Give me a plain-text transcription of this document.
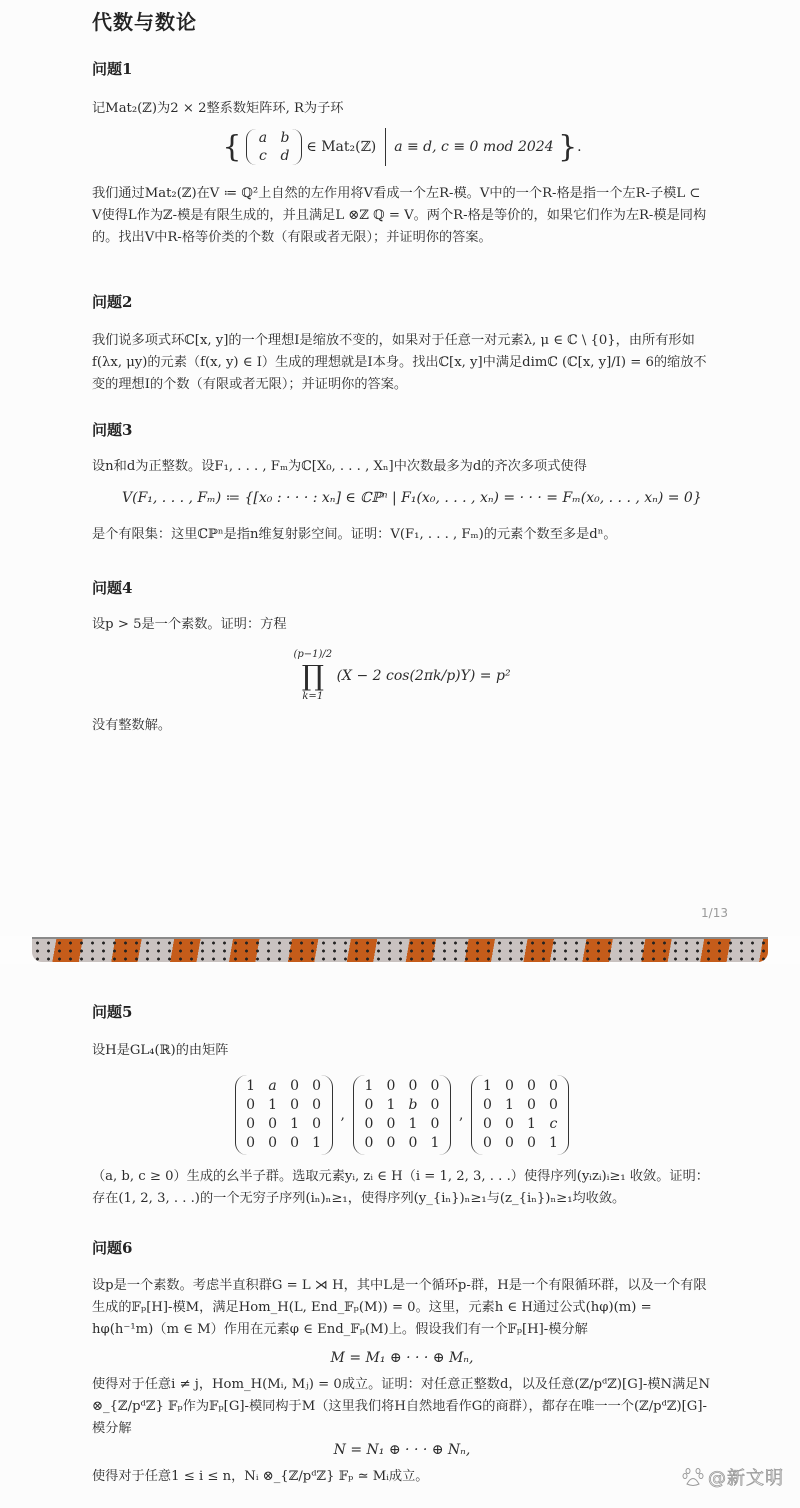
代数与数论
问题1
记Mat₂(ℤ)为2 × 2整系数矩阵环, R为子环
{	a b
c d
∈ Mat₂(ℤ) a ≡ d, c ≡ 0 mod 2024 }.
我们通过Mat₂(ℤ)在V ≔ ℚ²上自然的左作用将V看成一个左R-模。V中的一个R-格是指一个左R-子模L ⊂ V使得L作为ℤ-模是有限生成的，并且满足L ⊗ℤ ℚ = V。两个R-格是等价的，如果它们作为左R-模是同构的。找出V中R-格等价类的个数（有限或者无限）；并证明你的答案。
问题2
我们说多项式环ℂ[x, y]的一个理想I是缩放不变的，如果对于任意一对元素λ, μ ∈ ℂ \ {0}，由所有形如f(λx, μy)的元素（f(x, y) ∈ I）生成的理想就是I本身。找出ℂ[x, y]中满足dimℂ (ℂ[x, y]/I) = 6的缩放不变的理想I的个数（有限或者无限）；并证明你的答案。
问题3
设n和d为正整数。设F₁, . . . , Fₘ为ℂ[X₀, . . . , Xₙ]中次数最多为d的齐次多项式使得
V(F₁, . . . , Fₘ) ≔ {[x₀ : · · · : xₙ] ∈ ℂℙⁿ | F₁(x₀, . . . , xₙ) = · · · = Fₘ(x₀, . . . , xₙ) = 0}
是个有限集：这里ℂℙⁿ是指n维复射影空间。证明：V(F₁, . . . , Fₘ)的元素个数至多是dⁿ。
问题4
设p > 5是一个素数。证明：方程
(p−1)/2
∏
k=1
(X − 2 cos(2πk/p)Y) = p²
没有整数解。
1/13
问题5
设H是GL₄(ℝ)的由矩阵
1 a 0 0
0 1 0 0
0 0 1 0
0 0 0 1
,
1 0 0 0
0 1 b 0
0 0 1 0
0 0 0 1
,
1 0 0 0
0 1 0 0
0 0 1 c
0 0 0 1
（a, b, c ≥ 0）生成的幺半子群。选取元素yᵢ, zᵢ ∈ H（i = 1, 2, 3, . . .）使得序列(yᵢzᵢ)ᵢ≥₁ 收敛。证明：存在(1, 2, 3, . . .)的一个无穷子序列(iₙ)ₙ≥₁，使得序列(y_{iₙ})ₙ≥₁与(z_{iₙ})ₙ≥₁均收敛。
问题6
设p是一个素数。考虑半直积群G = L ⋊ H，其中L是一个循环p-群，H是一个有限循环群，以及一个有限生成的𝔽ₚ[H]-模M，满足Hom_H(L, End_𝔽ₚ(M)) = 0。这里，元素h ∈ H通过公式(hφ)(m) = hφ(h⁻¹m)（m ∈ M）作用在元素φ ∈ End_𝔽ₚ(M)上。假设我们有一个𝔽ₚ[H]-模分解
M = M₁ ⊕ · · · ⊕ Mₙ,
使得对于任意i ≠ j，Hom_H(Mᵢ, Mⱼ) = 0成立。证明：对任意正整数d，以及任意(ℤ/pᵈℤ)[G]-模N满足N ⊗_{ℤ/pᵈℤ} 𝔽ₚ作为𝔽ₚ[G]-模同构于M（这里我们将H自然地看作G的商群），都存在唯一一个(ℤ/pᵈℤ)[G]-模分解
N = N₁ ⊕ · · · ⊕ Nₙ,
使得对于任意1 ≤ i ≤ n，Nᵢ ⊗_{ℤ/pᵈℤ} 𝔽ₚ ≃ Mᵢ成立。	@新文明
